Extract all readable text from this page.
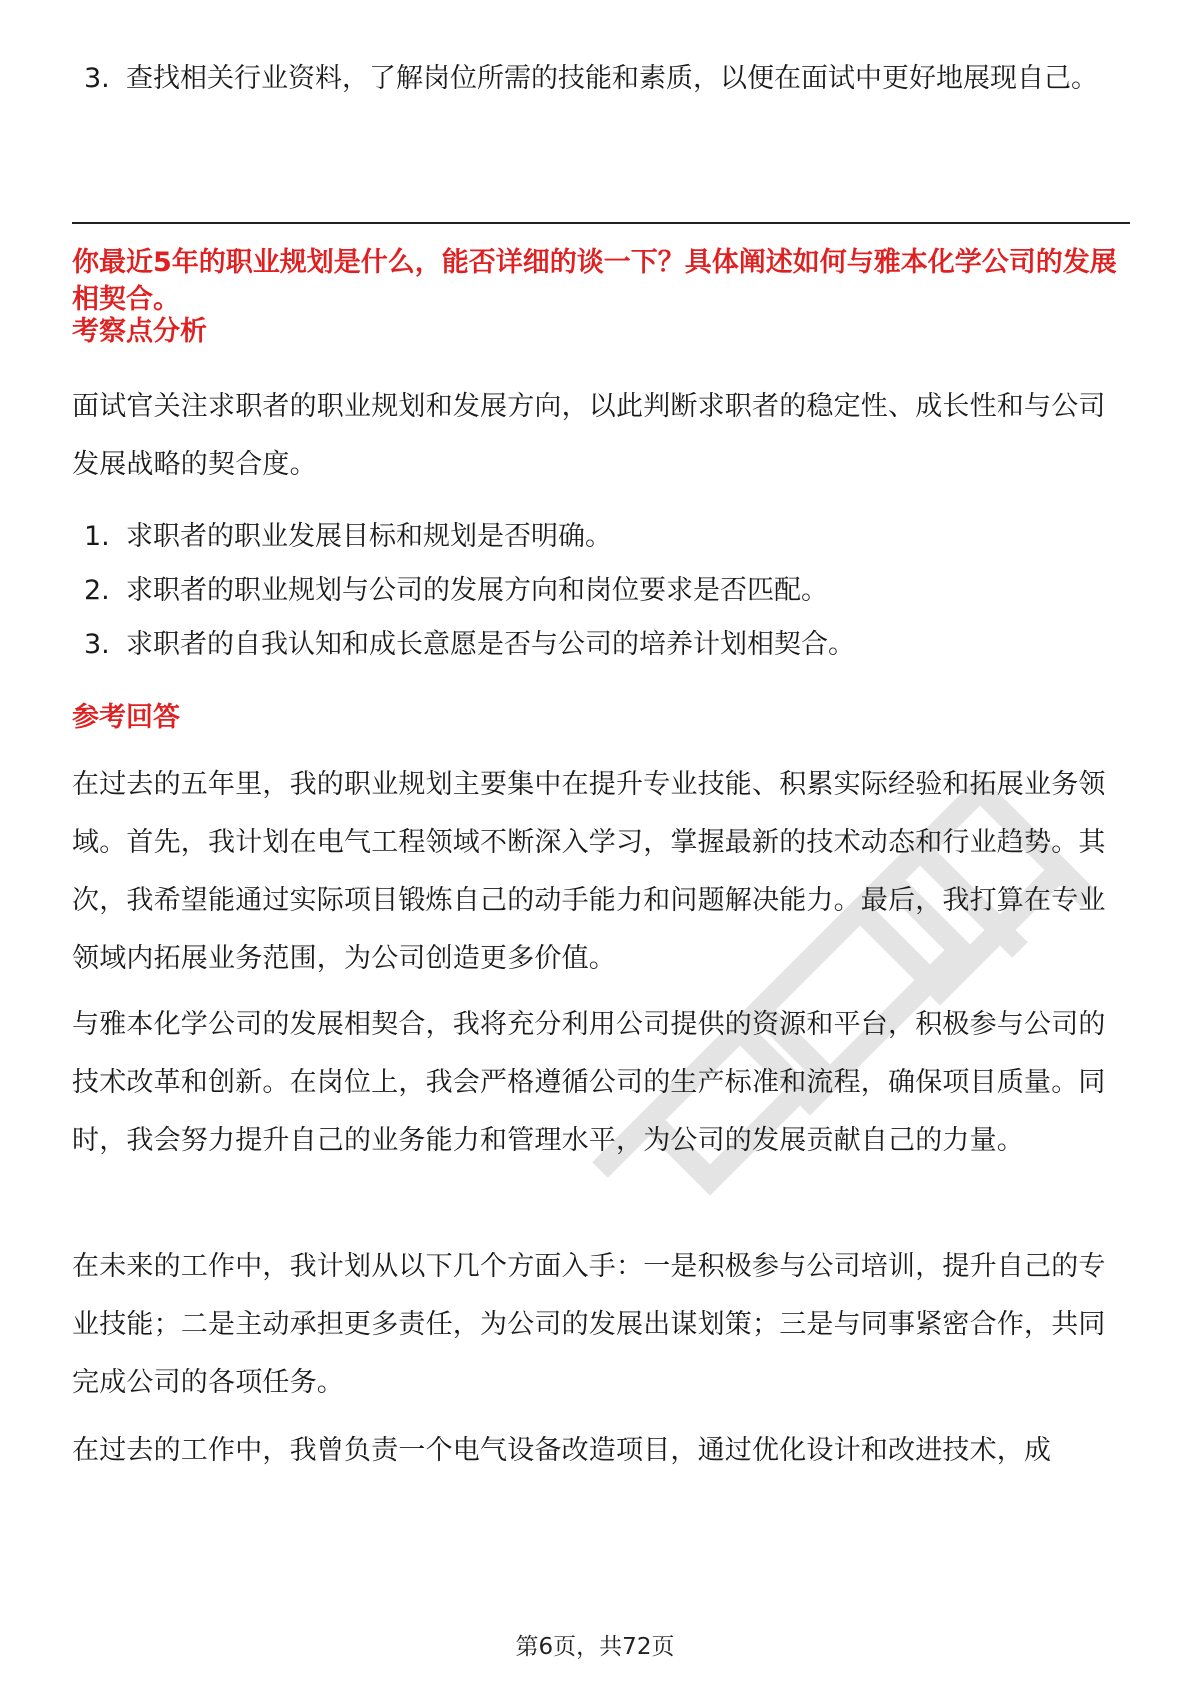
3. 查找相关行业资料，了解岗位所需的技能和素质，以便在面试中更好地展现自己。
你最近5年的职业规划是什么，能否详细的谈一下？具体阐述如何与雅本化学公司的发展相契合。
考察点分析
面试官关注求职者的职业规划和发展方向，以此判断求职者的稳定性、成长性和与公司发展战略的契合度。
1. 求职者的职业发展目标和规划是否明确。
2. 求职者的职业规划与公司的发展方向和岗位要求是否匹配。
3. 求职者的自我认知和成长意愿是否与公司的培养计划相契合。
参考回答
在过去的五年里，我的职业规划主要集中在提升专业技能、积累实际经验和拓展业务领域。首先，我计划在电气工程领域不断深入学习，掌握最新的技术动态和行业趋势。其次，我希望能通过实际项目锻炼自己的动手能力和问题解决能力。最后，我打算在专业领域内拓展业务范围，为公司创造更多价值。
与雅本化学公司的发展相契合，我将充分利用公司提供的资源和平台，积极参与公司的技术改革和创新。在岗位上，我会严格遵循公司的生产标准和流程，确保项目质量。同时，我会努力提升自己的业务能力和管理水平，为公司的发展贡献自己的力量。
在未来的工作中，我计划从以下几个方面入手：一是积极参与公司培训，提升自己的专业技能；二是主动承担更多责任，为公司的发展出谋划策；三是与同事紧密合作，共同完成公司的各项任务。
在过去的工作中，我曾负责一个电气设备改造项目，通过优化设计和改进技术，成
第6页，共72页
